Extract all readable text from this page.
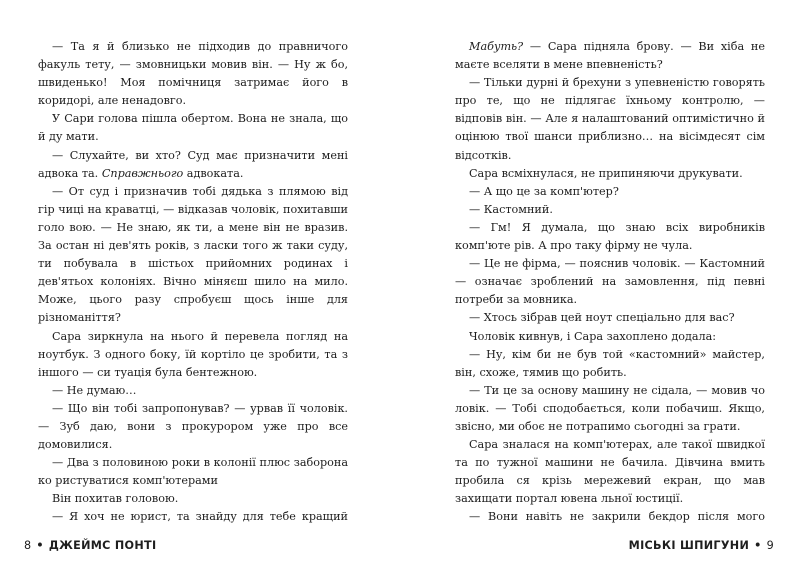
— Та я й близько не підходив до правничого факуль тету, — змовницьки мовив він. — Ну ж бо, швиденько! Моя помічниця затримає його в коридорі, але ненадовго.

У Сари голова пішла обертом. Вона не знала, що й ду мати.

— Слухайте, ви хто? Суд має призначити мені адвока та. Справжнього адвоката.

— От суд і призначив тобі дядька з плямою від гір чиці на краватці, — відказав чоловік, похитавши голо вою. — Не знаю, як ти, а мене він не вразив. За остан ні дев'ять років, з ласки того ж таки суду, ти побувала в шістьох прийомних родинах і дев'ятьох колоніях. Вічно міняєш шило на мило. Може, цього разу спробуєш щось інше для різноманіття?

Сара зиркнула на нього й перевела погляд на ноутбук. З одного боку, їй кортіло це зробити, та з іншого — си туація була бентежною.

— Не думаю…

— Що він тобі запропонував? — урвав її чоловік. — Зуб даю, вони з прокурором уже про все домовилися.

— Два з половиною роки в колонії плюс заборона ко ристуватися комп'ютерами

Він похитав головою.

— Я хоч не юрист, та знайду для тебе кращий

Мабуть? — Сара підняла брову. — Ви хіба не маєте вселяти в мене впевненість?

— Тільки дурні й брехуни з упевненістю говорять про те, що не підлягає їхньому контролю, — відповів він. — Але я налаштований оптимістично й оцінюю твої шанси приблизно… на вісімдесят сім відсотків.

Сара всміхнулася, не припиняючи друкувати.

— А що це за комп'ютер?

— Кастомний.

— Гм! Я думала, що знаю всіх виробників комп'юте рів. А про таку фірму не чула.

— Це не фірма, — пояснив чоловік. — Кастомний — означає зроблений на замовлення, під певні потреби за мовника.

— Хтось зібрав цей ноут спеціально для вас?

Чоловік кивнув, і Сара захоплено додала:

— Ну, кім би не був той «кастомний» майстер, він, схоже, тямив що робить.

— Ти це за основу машину не сідала, — мовив чо ловік. — Тобі сподобається, коли побачиш. Якщо, звісно, ми обоє не потрапимо сьогодні за грати.

Сара зналася на комп'ютерах, але такої швидкої та по тужної машини не бачила. Дівчина вмить пробила ся крізь мережевий екран, що мав захищати портал ювена льної юстиції.

— Вони навіть не закрили бекдор після мого

8 • ДЖЕЙМС ПОНТІ	МІСЬКІ ШПИГУНИ • 9
